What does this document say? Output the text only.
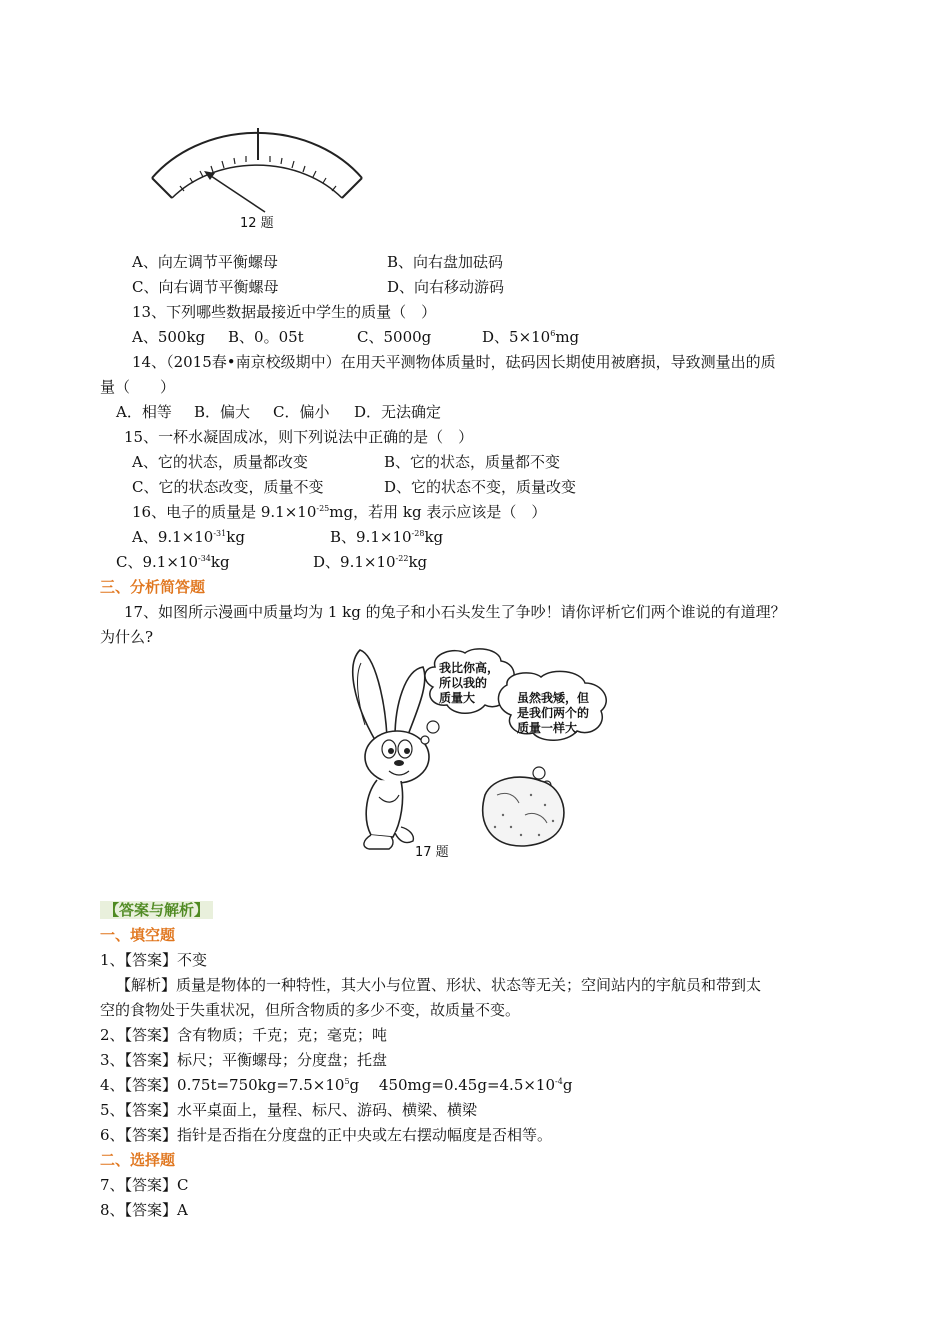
12 题
A、向左调节平衡螺母	B、向右盘加砝码
C、向右调节平衡螺母	D、向右移动游码
13、下列哪些数据最接近中学生的质量（　）
A、500kg B、0。05t	C、5000g	D、$5\times 10^6mg$
14、（2015春•南京校级期中）在用天平测物体质量时，砝码因长期使用被磨损，导致测量出的质
量（　　）
A．相等 B．偏大 C．偏小 D．无法确定
15、一杯水凝固成冰，则下列说法中正确的是（　）
A、它的状态，质量都改变	B、它的状态，质量都不变
C、它的状态改变，质量不变	D、它的状态不变，质量改变
16、电子的质量是 $9.1\times 10^{-25}mg$，若用 kg 表示应该是（　）
A、$9.1\times 10^{-31}kg$	B、$9.1\times 10^{-28}kg$
C、$9.1\times 10^{-34}kg$	D、$9.1\times 10^{-22}kg$
三、分析简答题
17、如图所示漫画中质量均为 1 kg 的兔子和小石头发生了争吵！请你评析它们两个谁说的有道理？
为什么?
我比你高，
所以我的
质量大	虽然我矮，但
是我们两个的
质量一样大
17 题
【答案与解析】
一、填空题
1、【答案】不变
【解析】质量是物体的一种特性，其大小与位置、形状、状态等无关；空间站内的宇航员和带到太
空的食物处于失重状况，但所含物质的多少不变，故质量不变。
2、【答案】含有物质；千克；克；毫克；吨
3、【答案】标尺；平衡螺母；分度盘；托盘
4、【答案】$0.75t=750kg=7.5\times 10^5g$　 $450mg=0.45g=4.5\times 10^{-4}g$
5、【答案】水平桌面上，量程、标尺、游码、横梁、横梁
6、【答案】指针是否指在分度盘的正中央或左右摆动幅度是否相等。
二、选择题
7、【答案】C
8、【答案】A
